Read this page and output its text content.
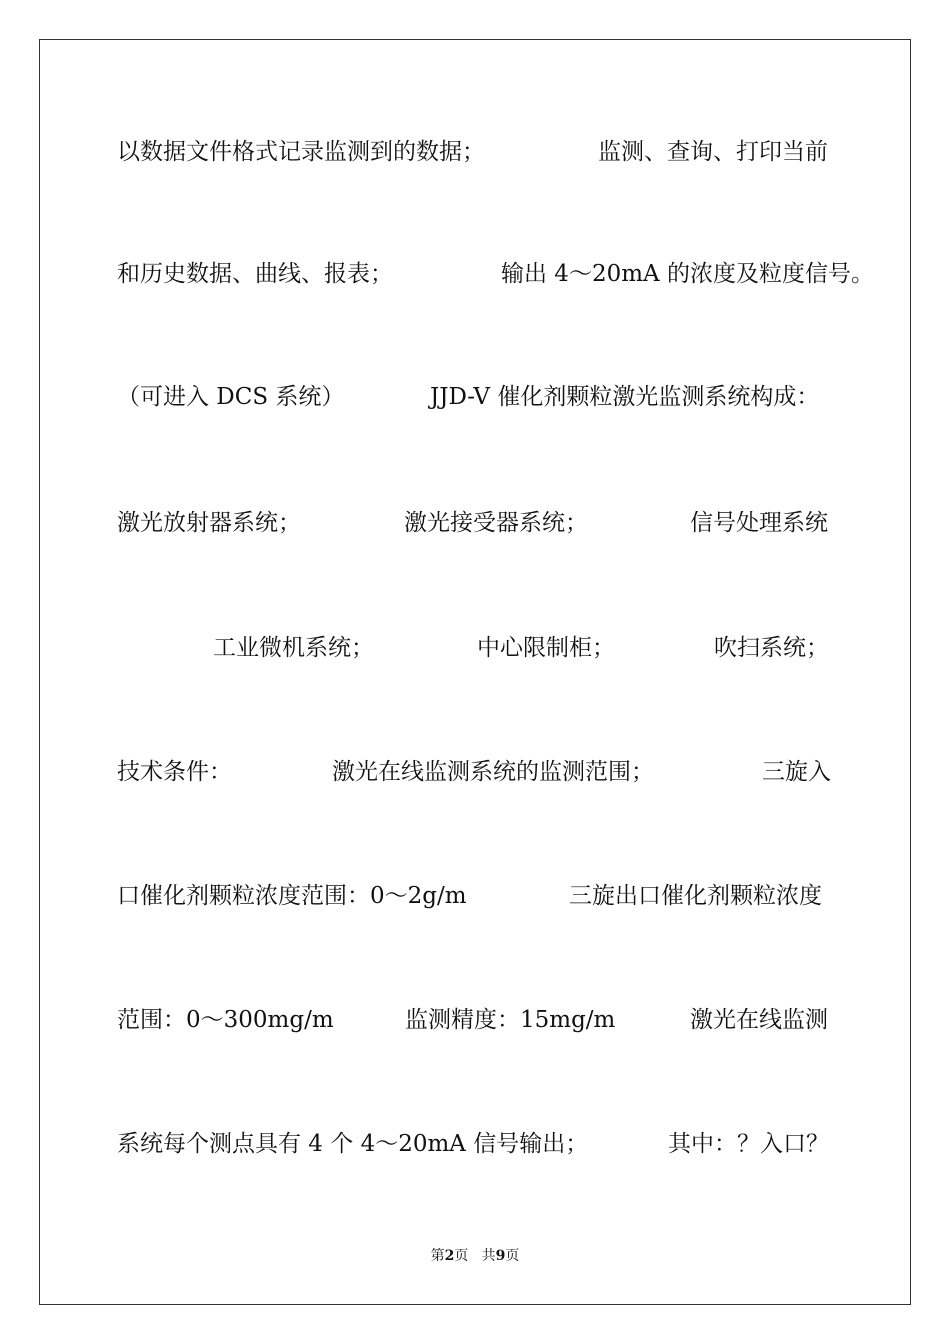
以数据文件格式记录监测到的数据；	监测、查询、打印当前
和历史数据、曲线、报表；	输出 4～20mA 的浓度及粒度信号。
（可进入 DCS 系统）	JJD-V 催化剂颗粒激光监测系统构成：
激光放射器系统；	激光接受器系统；	信号处理系统
工业微机系统；	中心限制柜；	吹扫系统；
技术条件：	激光在线监测系统的监测范围；	三旋入
口催化剂颗粒浓度范围：0～2g/m	三旋出口催化剂颗粒浓度
范围：0～300mg/m	监测精度：15mg/m	激光在线监测
系统每个测点具有 4 个 4～20mA 信号输出；	其中：？入口？
第2页 共9页
